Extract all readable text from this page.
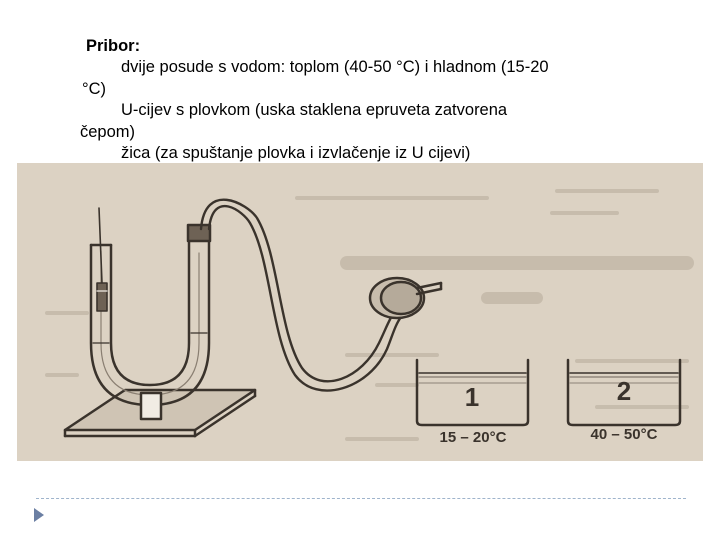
Pribor:
dvije posude s vodom: toplom (40-50 °C) i hladnom (15-20
°C)
U-cijev s plovkom (uska staklena epruveta zatvorena
čepom)
žica (za spuštanje plovka i izvlačenje iz U cijevi)
1	2
15 – 20°C	40 – 50°C
